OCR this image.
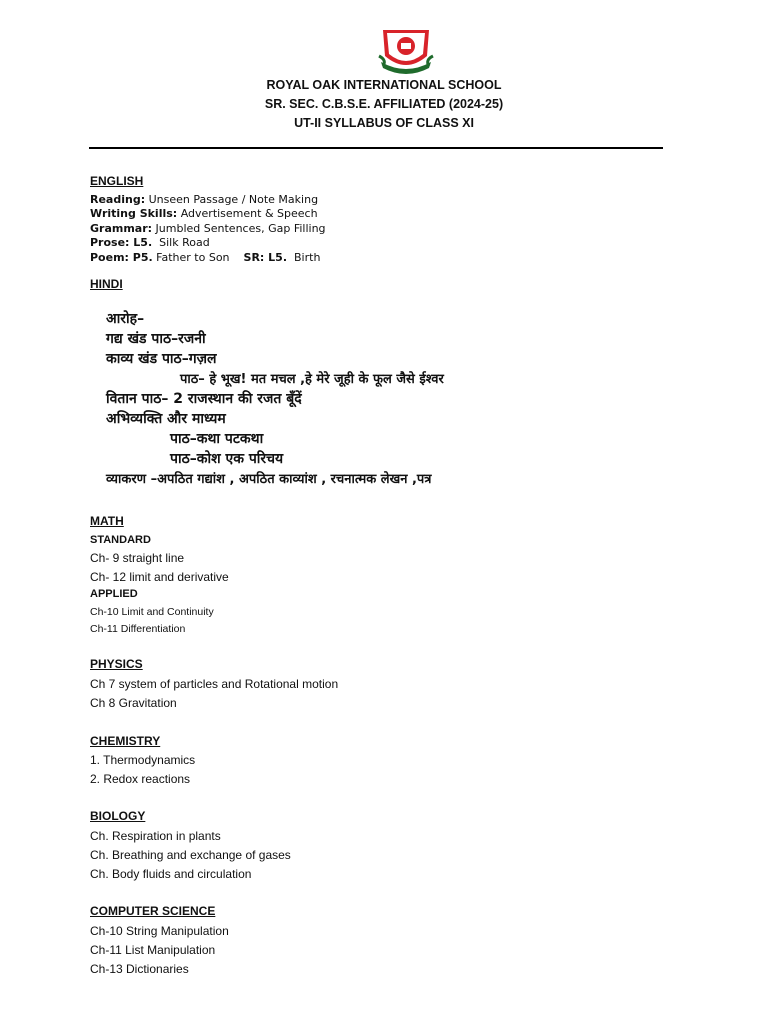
ROYAL OAK INTERNATIONAL SCHOOL
SR. SEC. C.B.S.E. AFFILIATED (2024-25)
UT-II SYLLABUS OF CLASS XI
ENGLISH
Reading: Unseen Passage / Note Making
Writing Skills: Advertisement & Speech
Grammar: Jumbled Sentences, Gap Filling
Prose: L5. Silk Road
Poem: P5. Father to Son SR: L5. Birth
HINDI
आरोह–
गद्य खंड पाठ–रजनी
काव्य खंड पाठ–गज़ल
पाठ– हे भूख! मत मचल ,हे मेरे जूही के फूल जैसे ईश्वर
वितान पाठ– 2 राजस्थान की रजत बूँदें
अभिव्यक्ति और माध्यम
पाठ–कथा पटकथा
पाठ–कोश एक परिचय
व्याकरण –अपठित गद्यांश , अपठित काव्यांश , रचनात्मक लेखन ,पत्र
MATH
STANDARD
Ch- 9 straight line
Ch- 12 limit and derivative
APPLIED
Ch-10 Limit and Continuity
Ch-11 Differentiation
PHYSICS
Ch 7 system of particles and Rotational motion
Ch 8 Gravitation
CHEMISTRY
1. Thermodynamics
2. Redox reactions
BIOLOGY
Ch. Respiration in plants
Ch. Breathing and exchange of gases
Ch. Body fluids and circulation
COMPUTER SCIENCE
Ch-10 String Manipulation
Ch-11 List Manipulation
Ch-13 Dictionaries
